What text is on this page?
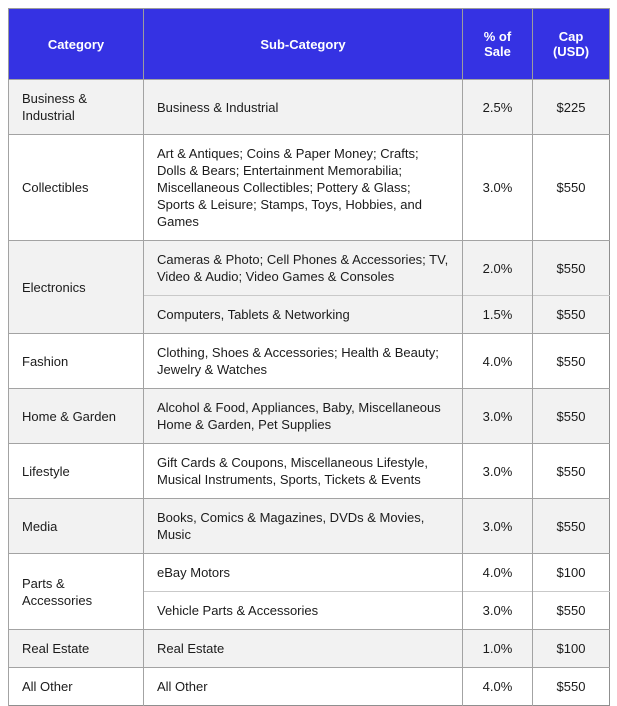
Category	Sub-Category	% of Sale	Cap (USD)
Business & Industrial	Business & Industrial	2.5%	$225
Collectibles	Art & Antiques; Coins & Paper Money; Crafts; Dolls & Bears; Entertainment Memorabilia; Miscellaneous Collectibles; Pottery & Glass; Sports & Leisure; Stamps, Toys, Hobbies, and Games	3.0%	$550
Electronics	Cameras & Photo; Cell Phones & Accessories; TV, Video & Audio; Video Games & Consoles	2.0%	$550
	Computers, Tablets & Networking	1.5%	$550
Fashion	Clothing, Shoes & Accessories; Health & Beauty; Jewelry & Watches	4.0%	$550
Home & Garden	Alcohol & Food, Appliances, Baby, Miscellaneous Home & Garden, Pet Supplies	3.0%	$550
Lifestyle	Gift Cards & Coupons, Miscellaneous Lifestyle, Musical Instruments, Sports, Tickets & Events	3.0%	$550
Media	Books, Comics & Magazines, DVDs & Movies, Music	3.0%	$550
Parts & Accessories	eBay Motors	4.0%	$100
	Vehicle Parts & Accessories	3.0%	$550
Real Estate	Real Estate	1.0%	$100
All Other	All Other	4.0%	$550
